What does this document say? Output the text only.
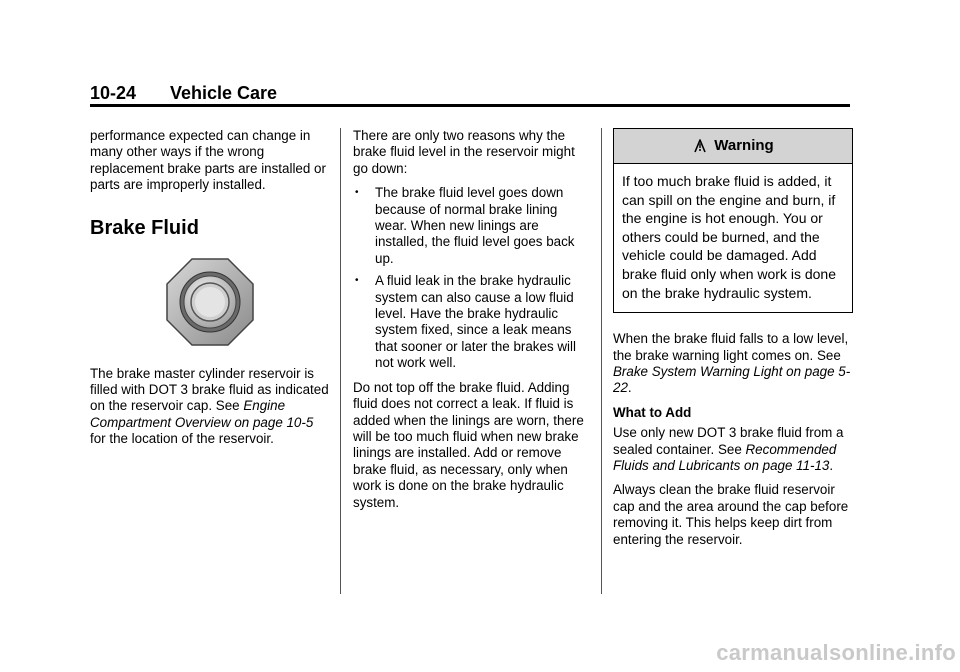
10-24 Vehicle Care

performance expected can change in many other ways if the wrong replacement brake parts are installed or parts are improperly installed.

Brake Fluid

The brake master cylinder reservoir is filled with DOT 3 brake fluid as indicated on the reservoir cap. See Engine Compartment Overview on page 10-5 for the location of the reservoir.

There are only two reasons why the brake fluid level in the reservoir might go down:

• The brake fluid level goes down because of normal brake lining wear. When new linings are installed, the fluid level goes back up.
• A fluid leak in the brake hydraulic system can also cause a low fluid level. Have the brake hydraulic system fixed, since a leak means that sooner or later the brakes will not work well.

Do not top off the brake fluid. Adding fluid does not correct a leak. If fluid is added when the linings are worn, there will be too much fluid when new brake linings are installed. Add or remove brake fluid, as necessary, only when work is done on the brake hydraulic system.

Warning
If too much brake fluid is added, it can spill on the engine and burn, if the engine is hot enough. You or others could be burned, and the vehicle could be damaged. Add brake fluid only when work is done on the brake hydraulic system.

When the brake fluid falls to a low level, the brake warning light comes on. See Brake System Warning Light on page 5-22.

What to Add

Use only new DOT 3 brake fluid from a sealed container. See Recommended Fluids and Lubricants on page 11-13.

Always clean the brake fluid reservoir cap and the area around the cap before removing it. This helps keep dirt from entering the reservoir.

carmanualsonline.info
